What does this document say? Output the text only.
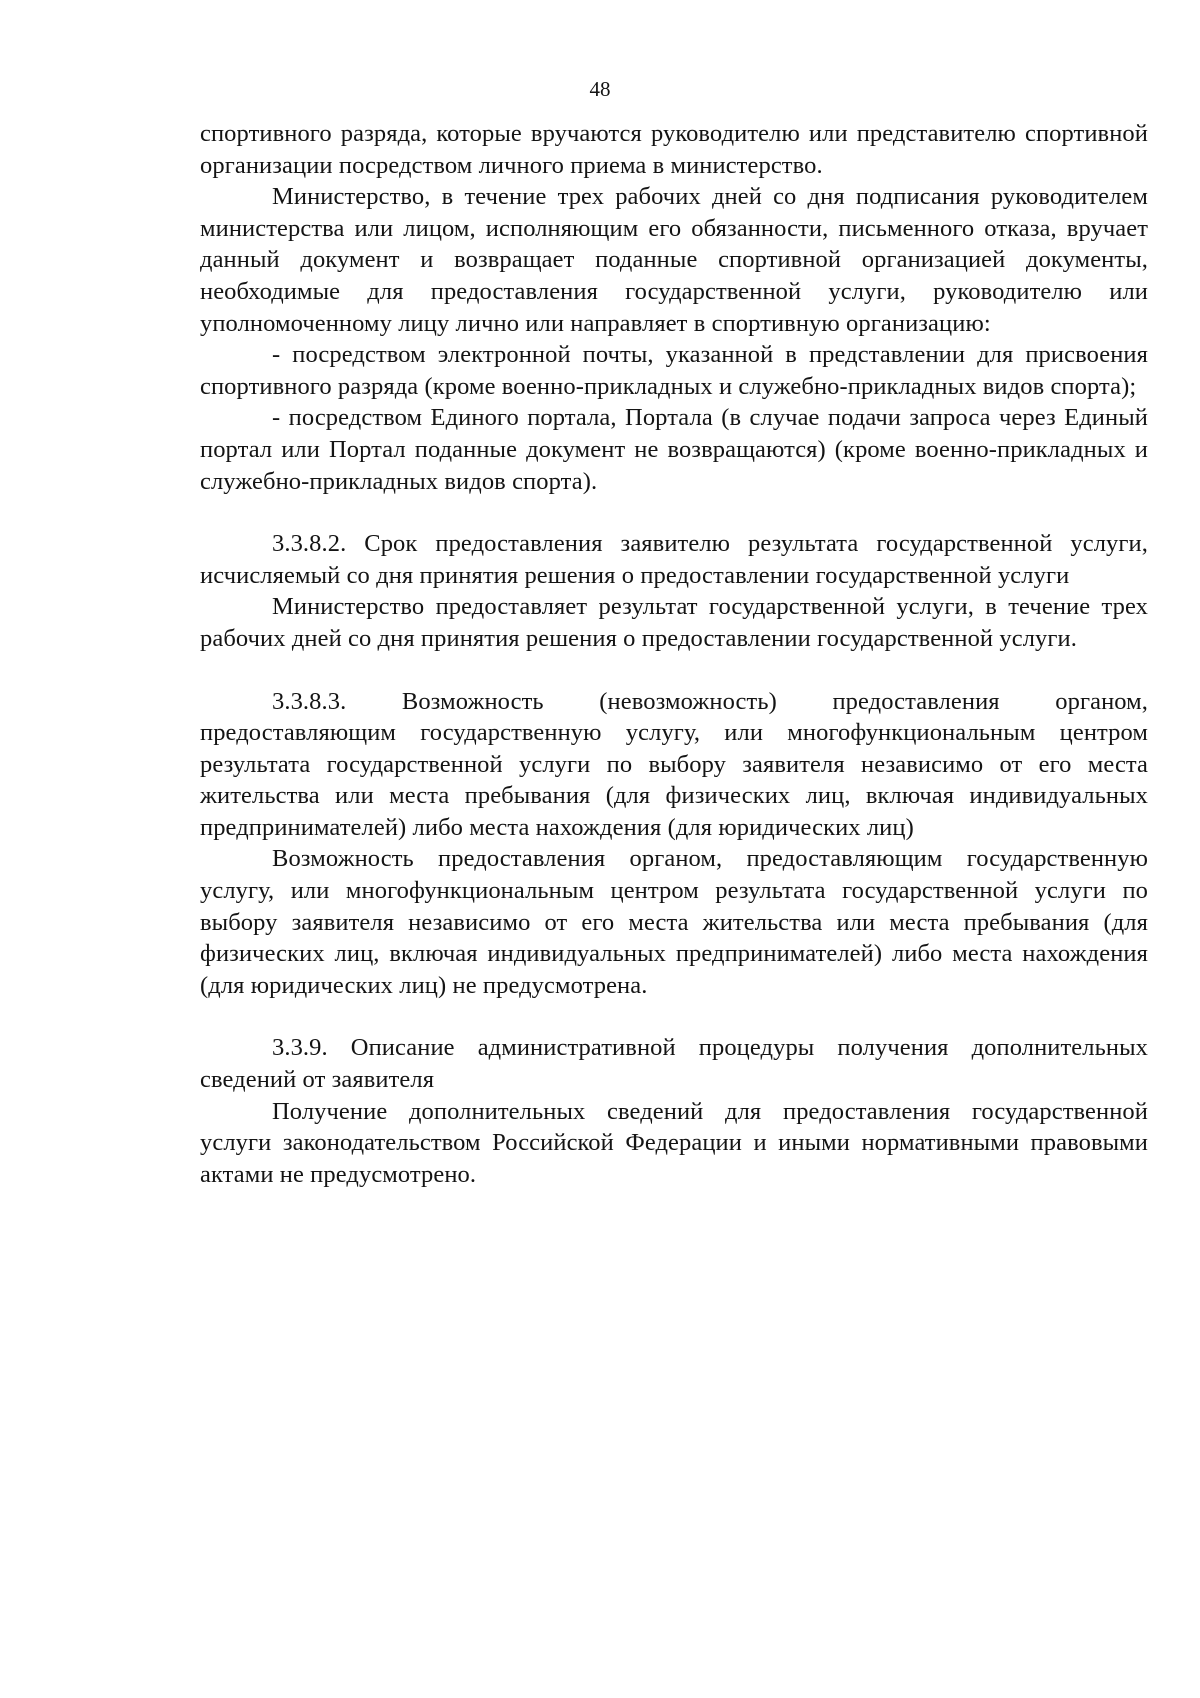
48

спортивного разряда, которые вручаются руководителю или представителю спортивной организации посредством личного приема в министерство.

Министерство, в течение трех рабочих дней со дня подписания руководителем министерства или лицом, исполняющим его обязанности, письменного отказа, вручает данный документ и возвращает поданные спортивной организацией документы, необходимые для предоставления государственной услуги, руководителю или уполномоченному лицу лично или направляет в спортивную организацию:

- посредством электронной почты, указанной в представлении для присвоения спортивного разряда (кроме военно-прикладных и служебно-прикладных видов спорта);

- посредством Единого портала, Портала (в случае подачи запроса через Единый портал или Портал поданные документ не возвращаются) (кроме военно-прикладных и служебно-прикладных видов спорта).

3.3.8.2. Срок предоставления заявителю результата государственной услуги, исчисляемый со дня принятия решения о предоставлении государственной услуги

Министерство предоставляет результат государственной услуги, в течение трех рабочих дней со дня принятия решения о предоставлении государственной услуги.

3.3.8.3. Возможность (невозможность) предоставления органом, предоставляющим государственную услугу, или многофункциональным центром результата государственной услуги по выбору заявителя независимо от его места жительства или места пребывания (для физических лиц, включая индивидуальных предпринимателей) либо места нахождения (для юридических лиц)

Возможность предоставления органом, предоставляющим государственную услугу, или многофункциональным центром результата государственной услуги по выбору заявителя независимо от его места жительства или места пребывания (для физических лиц, включая индивидуальных предпринимателей) либо места нахождения (для юридических лиц) не предусмотрена.

3.3.9. Описание административной процедуры получения дополнительных сведений от заявителя

Получение дополнительных сведений для предоставления государственной услуги законодательством Российской Федерации и иными нормативными правовыми актами не предусмотрено.
